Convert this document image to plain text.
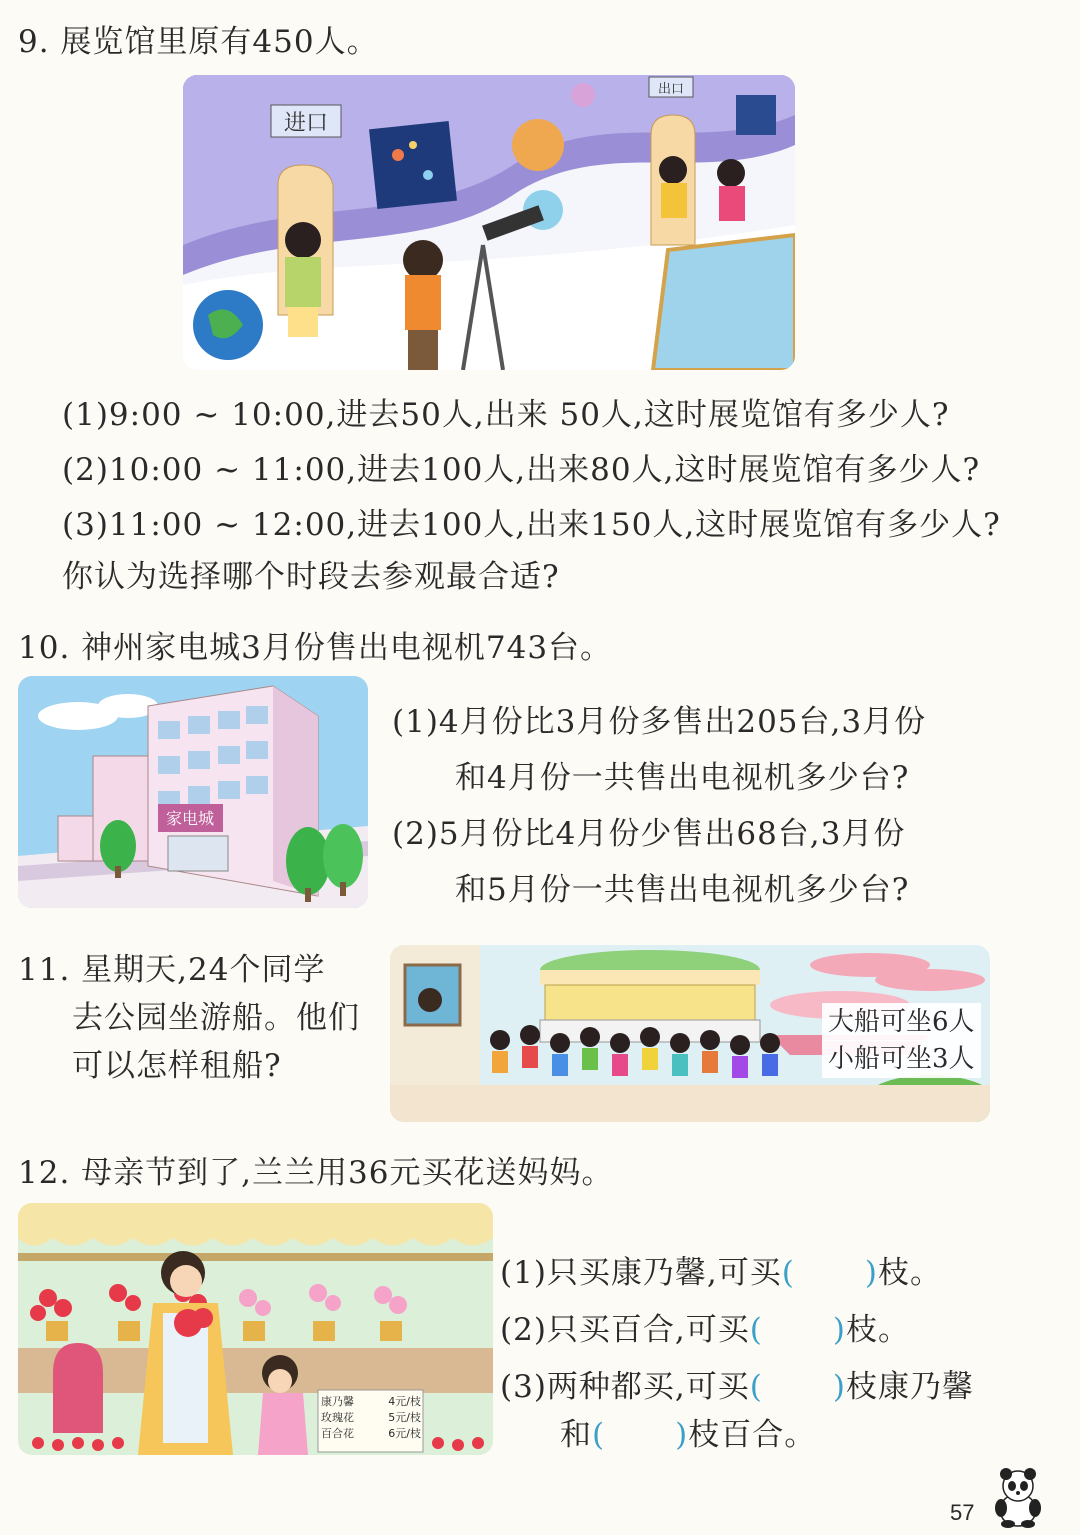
9. 展览馆里原有450人。
进口
出口
(1)9:00 ~ 10:00,进去50人,出来 50人,这时展览馆有多少人?
(2)10:00 ~ 11:00,进去100人,出来80人,这时展览馆有多少人?
(3)11:00 ~ 12:00,进去100人,出来150人,这时展览馆有多少人?
你认为选择哪个时段去参观最合适?
10. 神州家电城3月份售出电视机743台。
家电城
(1)4月份比3月份多售出205台,3月份
和4月份一共售出电视机多少台?
(2)5月份比4月份少售出68台,3月份
和5月份一共售出电视机多少台?
11. 星期天,24个同学
去公园坐游船。他们
可以怎样租船?
大船可坐6人
小船可坐3人
12. 母亲节到了,兰兰用36元买花送妈妈。
康乃馨	4元/枝
玫瑰花	5元/枝
百合花	6元/枝
(1)只买康乃馨,可买( )枝。
(2)只买百合,可买( )枝。
(3)两种都买,可买( )枝康乃馨
和( )枝百合。
57
